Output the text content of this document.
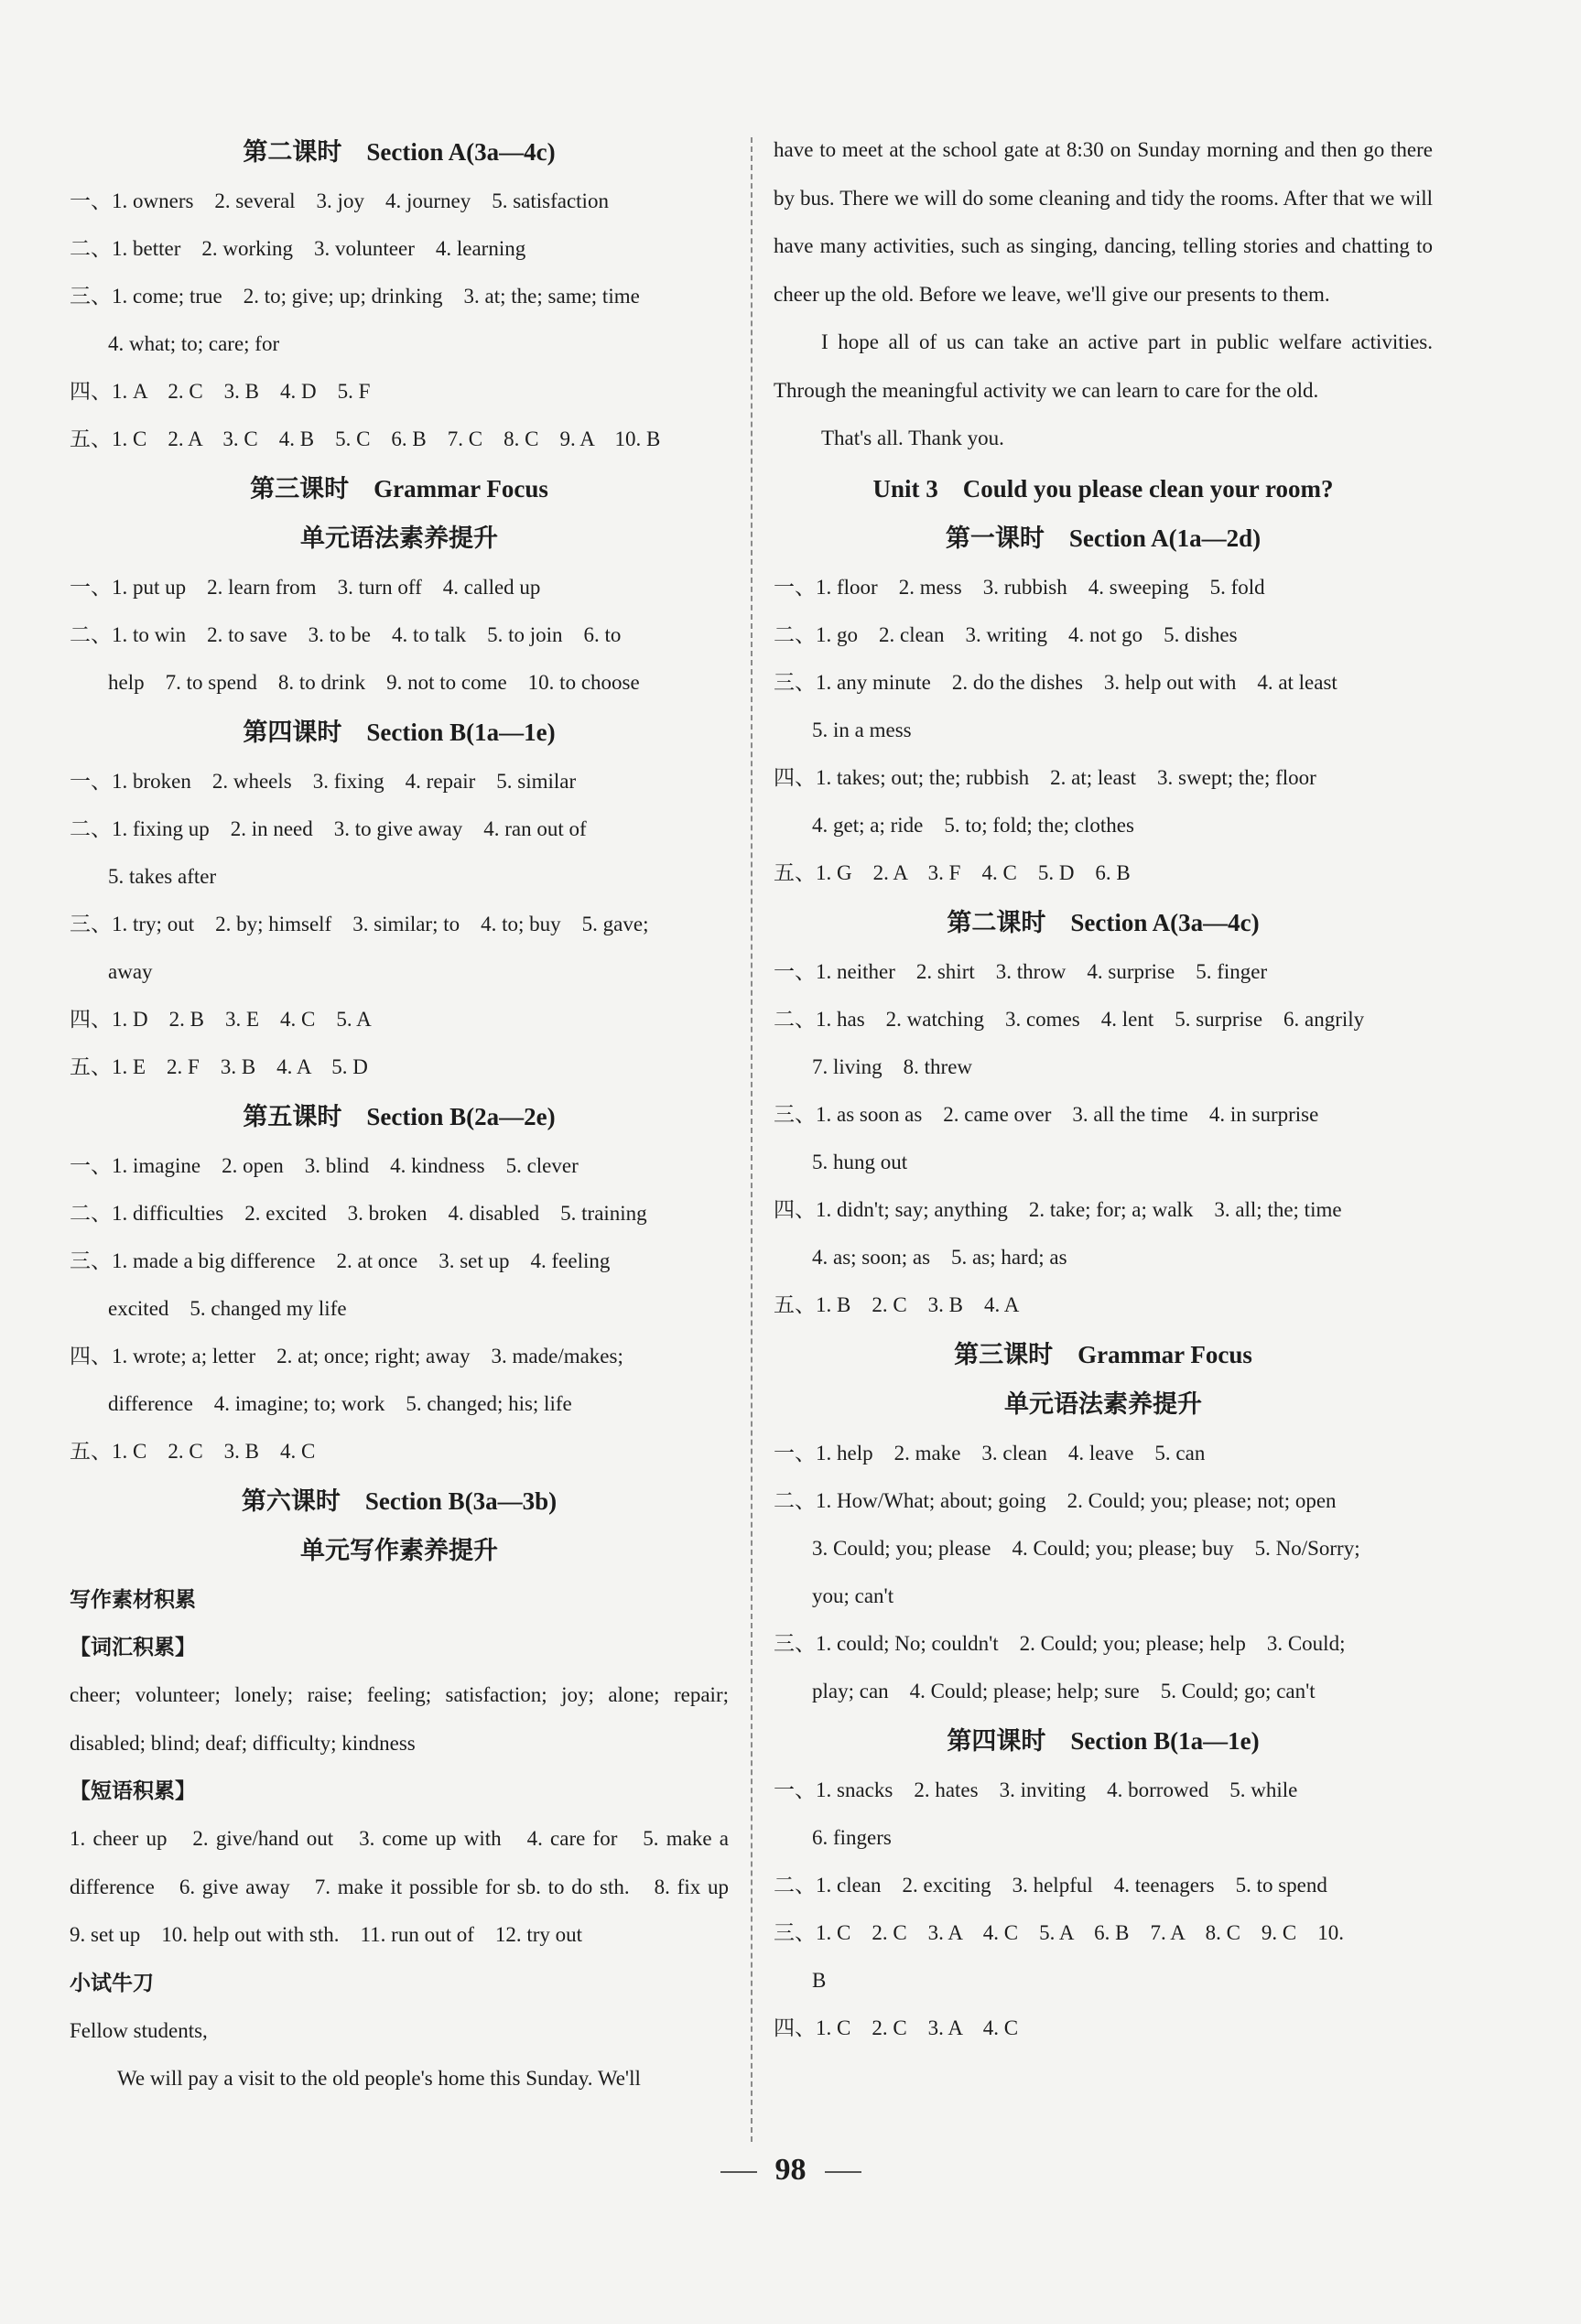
第二课时　Section A(3a—4c)
一、1. owners　2. several　3. joy　4. journey　5. satisfaction
二、1. better　2. working　3. volunteer　4. learning
三、1. come; true　2. to; give; up; drinking　3. at; the; same; time
4. what; to; care; for
四、1. A　2. C　3. B　4. D　5. F
五、1. C　2. A　3. C　4. B　5. C　6. B　7. C　8. C　9. A　10. B
第三课时　Grammar Focus
单元语法素养提升
一、1. put up　2. learn from　3. turn off　4. called up
二、1. to win　2. to save　3. to be　4. to talk　5. to join　6. to
help　7. to spend　8. to drink　9. not to come　10. to choose
第四课时　Section B(1a—1e)
一、1. broken　2. wheels　3. fixing　4. repair　5. similar
二、1. fixing up　2. in need　3. to give away　4. ran out of
5. takes after
三、1. try; out　2. by; himself　3. similar; to　4. to; buy　5. gave;
away
四、1. D　2. B　3. E　4. C　5. A
五、1. E　2. F　3. B　4. A　5. D
第五课时　Section B(2a—2e)
一、1. imagine　2. open　3. blind　4. kindness　5. clever
二、1. difficulties　2. excited　3. broken　4. disabled　5. training
三、1. made a big difference　2. at once　3. set up　4. feeling
excited　5. changed my life
四、1. wrote; a; letter　2. at; once; right; away　3. made/makes;
difference　4. imagine; to; work　5. changed; his; life
五、1. C　2. C　3. B　4. C
第六课时　Section B(3a—3b)
单元写作素养提升
写作素材积累
【词汇积累】
cheer; volunteer; lonely; raise; feeling; satisfaction; joy; alone; repair; disabled; blind; deaf; difficulty; kindness
【短语积累】
1. cheer up　2. give/hand out　3. come up with　4. care for　5. make a difference　6. give away　7. make it possible for sb. to do sth.　8. fix up　9. set up　10. help out with sth.　11. run out of　12. try out
小试牛刀
Fellow students,
We will pay a visit to the old people's home this Sunday. We'll
have to meet at the school gate at 8:30 on Sunday morning and then go there by bus. There we will do some cleaning and tidy the rooms. After that we will have many activities, such as singing, dancing, telling stories and chatting to cheer up the old. Before we leave, we'll give our presents to them.
I hope all of us can take an active part in public welfare activities. Through the meaningful activity we can learn to care for the old.
That's all. Thank you.
Unit 3　Could you please clean your room?
第一课时　Section A(1a—2d)
一、1. floor　2. mess　3. rubbish　4. sweeping　5. fold
二、1. go　2. clean　3. writing　4. not go　5. dishes
三、1. any minute　2. do the dishes　3. help out with　4. at least
5. in a mess
四、1. takes; out; the; rubbish　2. at; least　3. swept; the; floor
4. get; a; ride　5. to; fold; the; clothes
五、1. G　2. A　3. F　4. C　5. D　6. B
第二课时　Section A(3a—4c)
一、1. neither　2. shirt　3. throw　4. surprise　5. finger
二、1. has　2. watching　3. comes　4. lent　5. surprise　6. angrily
7. living　8. threw
三、1. as soon as　2. came over　3. all the time　4. in surprise
5. hung out
四、1. didn't; say; anything　2. take; for; a; walk　3. all; the; time
4. as; soon; as　5. as; hard; as
五、1. B　2. C　3. B　4. A
第三课时　Grammar Focus
单元语法素养提升
一、1. help　2. make　3. clean　4. leave　5. can
二、1. How/What; about; going　2. Could; you; please; not; open
3. Could; you; please　4. Could; you; please; buy　5. No/Sorry;
you; can't
三、1. could; No; couldn't　2. Could; you; please; help　3. Could;
play; can　4. Could; please; help; sure　5. Could; go; can't
第四课时　Section B(1a—1e)
一、1. snacks　2. hates　3. inviting　4. borrowed　5. while
6. fingers
二、1. clean　2. exciting　3. helpful　4. teenagers　5. to spend
三、1. C　2. C　3. A　4. C　5. A　6. B　7. A　8. C　9. C　10.
B
四、1. C　2. C　3. A　4. C
98
